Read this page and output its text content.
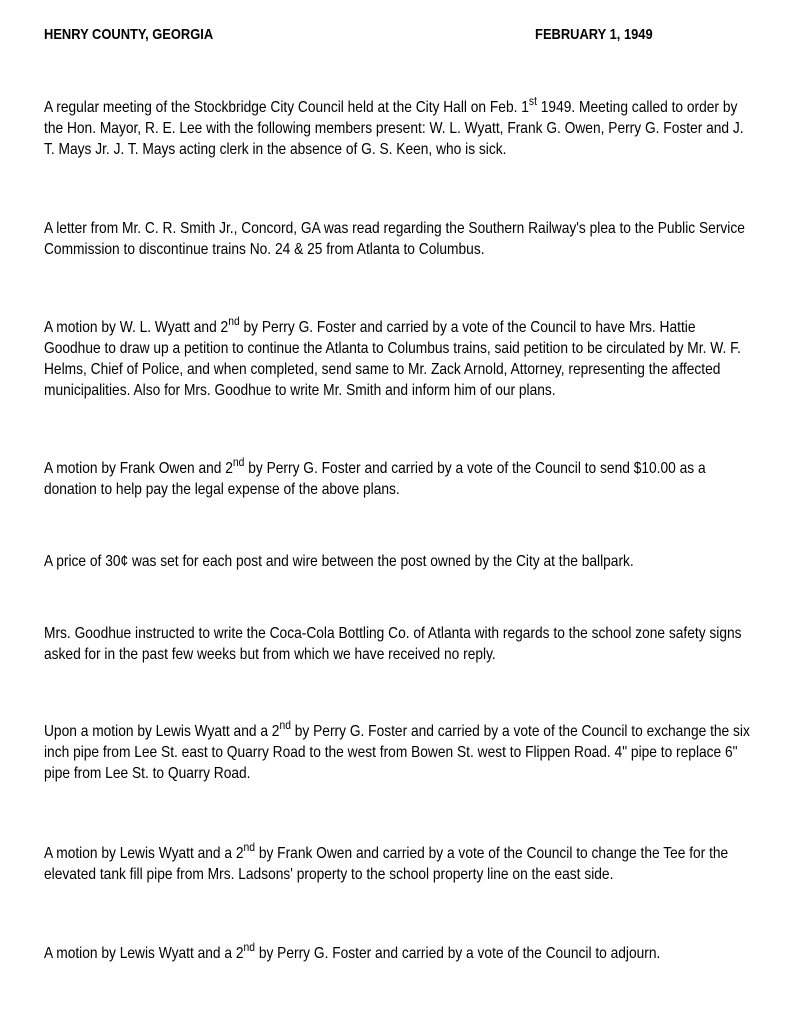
HENRY COUNTY, GEORGIA	FEBRUARY 1, 1949

A regular meeting of the Stockbridge City Council held at the City Hall on Feb. 1st 1949. Meeting called to order by the Hon. Mayor, R. E. Lee with the following members present: W. L. Wyatt, Frank G. Owen, Perry G. Foster and J. T. Mays Jr. J. T. Mays acting clerk in the absence of G. S. Keen, who is sick.

A letter from Mr. C. R. Smith Jr., Concord, GA was read regarding the Southern Railway's plea to the Public Service Commission to discontinue trains No. 24 & 25 from Atlanta to Columbus.

A motion by W. L. Wyatt and 2nd by Perry G. Foster and carried by a vote of the Council to have Mrs. Hattie Goodhue to draw up a petition to continue the Atlanta to Columbus trains, said petition to be circulated by Mr. W. F. Helms, Chief of Police, and when completed, send same to Mr. Zack Arnold, Attorney, representing the affected municipalities. Also for Mrs. Goodhue to write Mr. Smith and inform him of our plans.

A motion by Frank Owen and 2nd by Perry G. Foster and carried by a vote of the Council to send $10.00 as a donation to help pay the legal expense of the above plans.

A price of 30¢ was set for each post and wire between the post owned by the City at the ballpark.

Mrs. Goodhue instructed to write the Coca-Cola Bottling Co. of Atlanta with regards to the school zone safety signs asked for in the past few weeks but from which we have received no reply.

Upon a motion by Lewis Wyatt and a 2nd by Perry G. Foster and carried by a vote of the Council to exchange the six inch pipe from Lee St. east to Quarry Road to the west from Bowen St. west to Flippen Road. 4" pipe to replace 6" pipe from Lee St. to Quarry Road.

A motion by Lewis Wyatt and a 2nd by Frank Owen and carried by a vote of the Council to change the Tee for the elevated tank fill pipe from Mrs. Ladsons' property to the school property line on the east side.

A motion by Lewis Wyatt and a 2nd by Perry G. Foster and carried by a vote of the Council to adjourn.
